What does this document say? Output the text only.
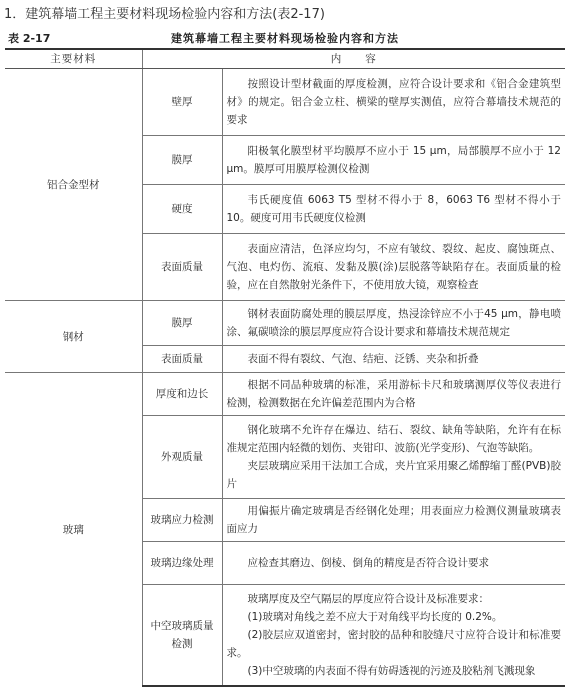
1．建筑幕墙工程主要材料现场检验内容和方法(表2-17)
表 2-17	建筑幕墙工程主要材料现场检验内容和方法
主要材料	内　　容	
铝合金型材	壁厚	按照设计型材截面的厚度检测，应符合设计要求和《铝合金建筑型材》的规定。铝合金立柱、横梁的壁厚实测值，应符合幕墙技术规范的要求

	膜厚	阳极氧化膜型材平均膜厚不应小于 15 μm，局部膜厚不应小于 12 μm。膜厚可用膜厚检测仪检测

	硬度	韦氏硬度值 6063 T5 型材不得小于 8，6063 T6 型材不得小于 10。硬度可用韦氏硬度仪检测

	表面质量	表面应清洁，色泽应均匀，不应有皱纹、裂纹、起皮、腐蚀斑点、气泡、电灼伤、流痕、发黏及膜(涂)层脱落等缺陷存在。表面质量的检验，应在自然散射光条件下，不使用放大镜，观察检查

钢材	膜厚	钢材表面防腐处理的膜层厚度，热浸涂锌应不小于45 μm，静电喷涂、氟碳喷涂的膜层厚度应符合设计要求和幕墙技术规范规定

	表面质量	表面不得有裂纹、气泡、结疤、泛锈、夹杂和折叠

玻璃	厚度和边长	根据不同品种玻璃的标准，采用游标卡尺和玻璃测厚仪等仪表进行检测，检测数据在允许偏差范围内为合格

	外观质量	钢化玻璃不允许存在爆边、结石、裂纹、缺角等缺陷，允许有在标准规定范围内轻微的划伤、夹钳印、波筋(光学变形)、气泡等缺陷。
夹层玻璃应采用干法加工合成，夹片宜采用聚乙烯醇缩丁醛(PVB)胶片

	玻璃应力检测	用偏振片确定玻璃是否经钢化处理；用表面应力检测仪测量玻璃表面应力

	玻璃边缘处理	应检查其磨边、倒棱、倒角的精度是否符合设计要求

	中空玻璃质量检测	玻璃厚度及空气隔层的厚度应符合设计及标准要求：
(1)玻璃对角线之差不应大于对角线平均长度的 0.2%。
(2)胶层应双道密封，密封胶的品种和胶缝尺寸应符合设计和标准要求。
(3)中空玻璃的内表面不得有妨碍透视的污迹及胶粘剂飞溅现象
